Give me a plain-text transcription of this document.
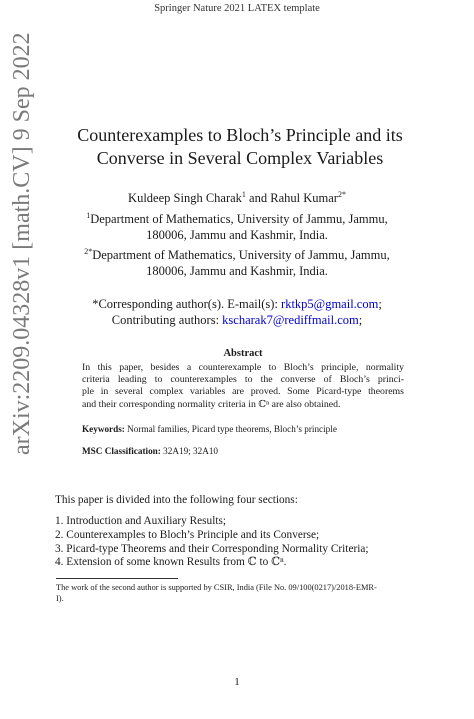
Springer Nature 2021 LATEX template
arXiv:2209.04328v1 [math.CV] 9 Sep 2022	Counterexamples to Bloch’s Principle and its
Converse in Several Complex Variables
Kuldeep Singh Charak$^1$ and Rahul Kumar$^{2*}$
$^1$Department of Mathematics, University of Jammu, Jammu,
180006, Jammu and Kashmir, India.
$^{2*}$Department of Mathematics, University of Jammu, Jammu,
180006, Jammu and Kashmir, India.
*Corresponding author(s). E-mail(s): rktkp5@gmail.com;
Contributing authors: kscharak7@rediffmail.com;
Abstract
In this paper, besides a counterexample to Bloch’s principle, normality
criteria leading to counterexamples to the converse of Bloch’s princi-
ple in several complex variables are proved. Some Picard-type theorems
and their corresponding normality criteria in ℂⁿ are also obtained.
Keywords: Normal families, Picard type theorems, Bloch’s principle
MSC Classification: 32A19; 32A10
This paper is divided into the following four sections:
1. Introduction and Auxiliary Results;
2. Counterexamples to Bloch’s Principle and its Converse;
3. Picard-type Theorems and their Corresponding Normality Criteria;
4. Extension of some known Results from ℂ to ℂⁿ.
The work of the second author is supported by CSIR, India (File No. 09/100(0217)/2018-EMR-
I).
1
